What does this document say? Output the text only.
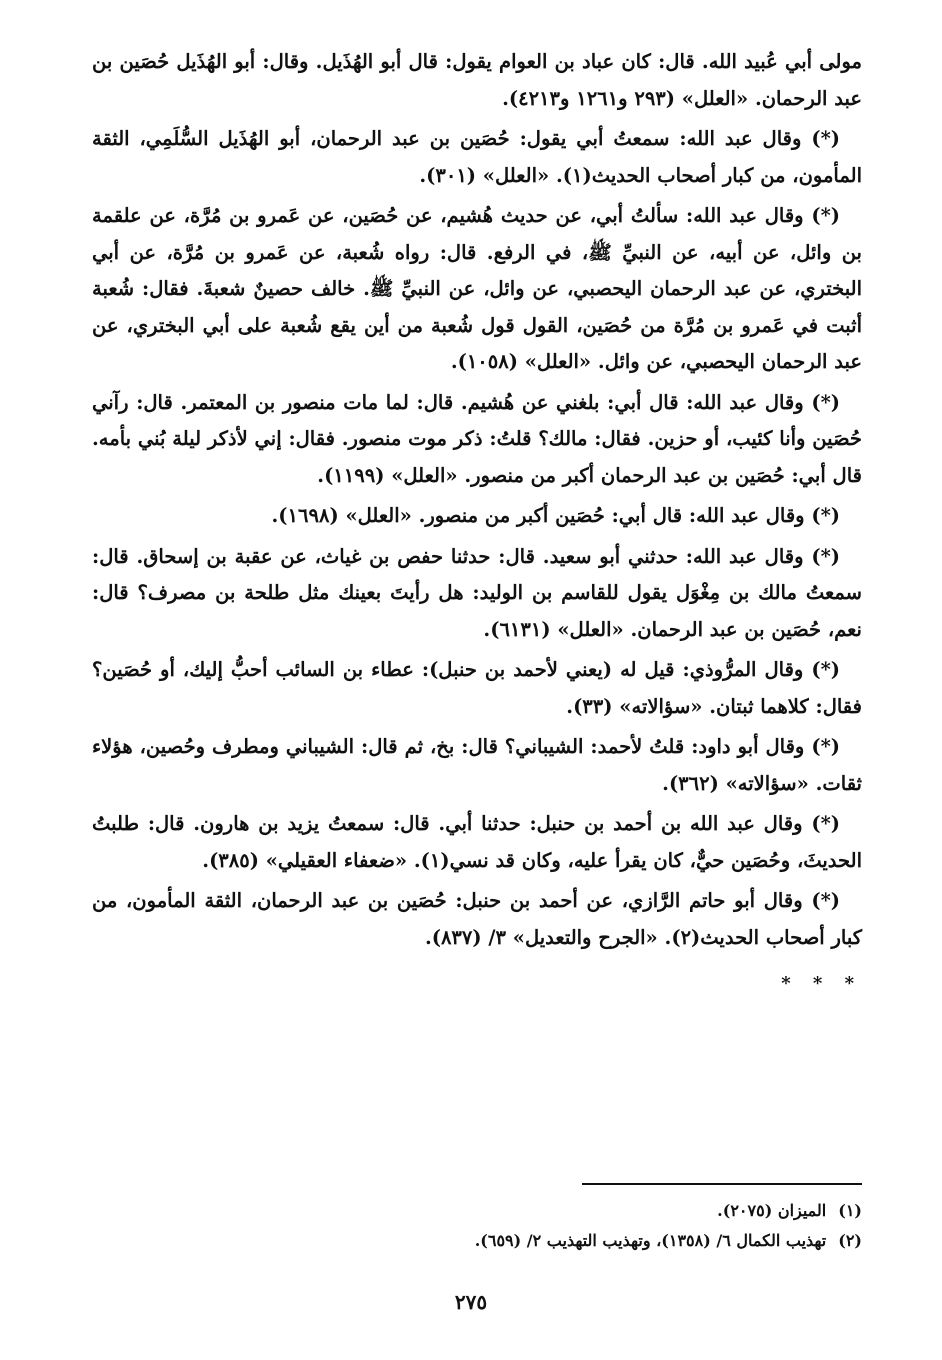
مولى أبي عُبيد الله. قال: كان عباد بن العوام يقول: قال أبو الهُذَيل. وقال: أبو الهُذَيل حُصَين بن عبد الرحمان. «العلل» (٢٩٣ و١٢٦١ و٤٢١٣).

(*) وقال عبد الله: سمعتُ أبي يقول: حُصَين بن عبد الرحمان، أبو الهُذَيل السُّلَمِي، الثقة المأمون، من كبار أصحاب الحديث(١). «العلل» (٣٠١).

(*) وقال عبد الله: سألتُ أبي، عن حديث هُشيم، عن حُصَين، عن عَمرو بن مُرَّة، عن علقمة بن وائل، عن أبيه، عن النبيِّ ﷺ، في الرفع. قال: رواه شُعبة، عن عَمرو بن مُرَّة، عن أبي البختري، عن عبد الرحمان اليحصبي، عن وائل، عن النبيِّ ﷺ. خالف حصينٌ شعبةَ. فقال: شُعبة أثبت في عَمرو بن مُرَّة من حُصَين، القول قول شُعبة من أين يقع شُعبة على أبي البختري، عن عبد الرحمان اليحصبي، عن وائل. «العلل» (١٠٥٨).

(*) وقال عبد الله: قال أبي: بلغني عن هُشيم. قال: لما مات منصور بن المعتمر. قال: رآني حُصَين وأنا كئيب، أو حزين. فقال: مالك؟ قلتُ: ذكر موت منصور. فقال: إني لأذكر ليلة بُني بأمه. قال أبي: حُصَين بن عبد الرحمان أكبر من منصور. «العلل» (١١٩٩).

(*) وقال عبد الله: قال أبي: حُصَين أكبر من منصور. «العلل» (١٦٩٨).

(*) وقال عبد الله: حدثني أبو سعيد. قال: حدثنا حفص بن غياث، عن عقبة بن إسحاق. قال: سمعتُ مالك بن مِغْوَل يقول للقاسم بن الوليد: هل رأيتَ بعينك مثل طلحة بن مصرف؟ قال: نعم، حُصَين بن عبد الرحمان. «العلل» (٦١٣١).

(*) وقال المرُّوذي: قيل له (يعني لأحمد بن حنبل): عطاء بن السائب أحبُّ إليك، أو حُصَين؟ فقال: كلاهما ثبتان. «سؤالاته» (٣٣).

(*) وقال أبو داود: قلتُ لأحمد: الشيباني؟ قال: بخ، ثم قال: الشيباني ومطرف وحُصين، هؤلاء ثقات. «سؤالاته» (٣٦٢).

(*) وقال عبد الله بن أحمد بن حنبل: حدثنا أبي. قال: سمعتُ يزيد بن هارون. قال: طلبتُ الحديثَ، وحُصَين حيٌّ، كان يقرأ عليه، وكان قد نسي(١). «ضعفاء العقيلي» (٣٨٥).

(*) وقال أبو حاتم الرَّازي، عن أحمد بن حنبل: حُصَين بن عبد الرحمان، الثقة المأمون، من كبار أصحاب الحديث(٢). «الجرح والتعديل» ٣/ (٨٣٧).

* * *
(١)
الميزان (٢٠٧٥).
(٢)
تهذيب الكمال ٦/ (١٣٥٨)، وتهذيب التهذيب ٢/ (٦٥٩).
٢٧٥
